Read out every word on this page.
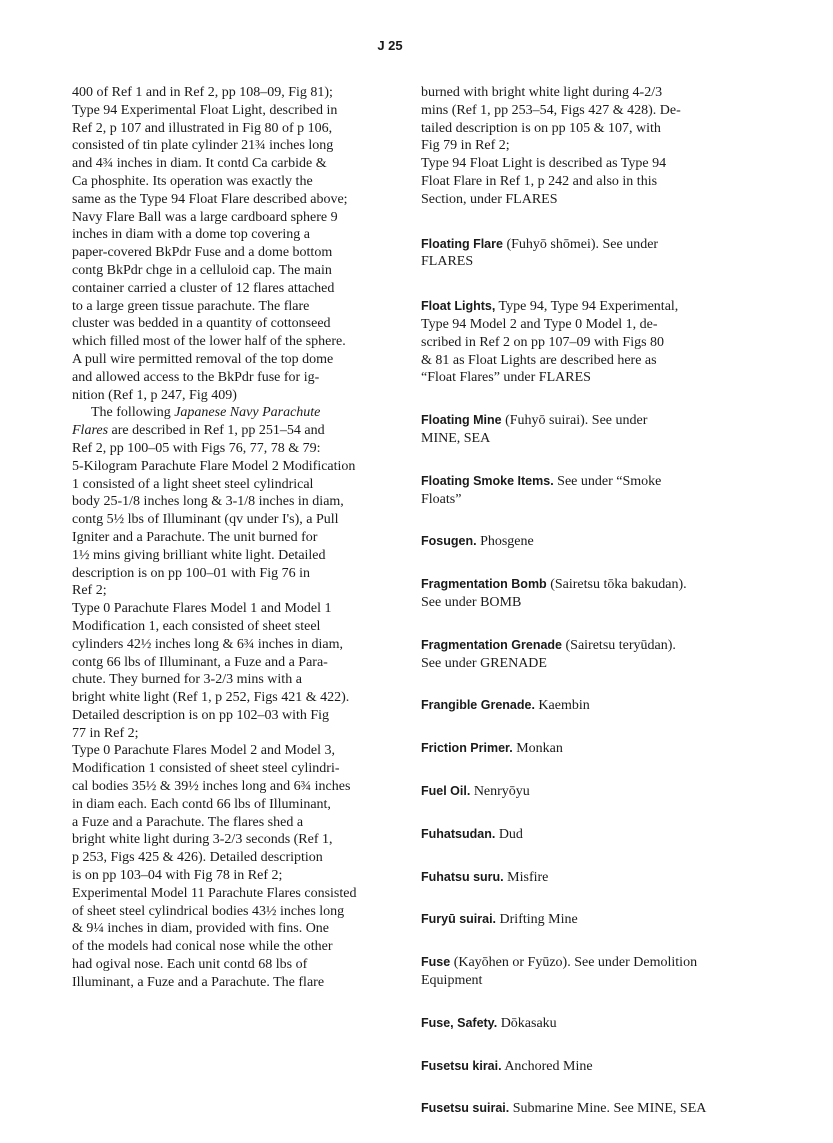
J 25
400 of Ref 1 and in Ref 2, pp 108–09, Fig 81);
Type 94 Experimental Float Light, described in
Ref 2, p 107 and illustrated in Fig 80 of p 106,
consisted of tin plate cylinder 21¾ inches long
and 4¾ inches in diam. It contd Ca carbide &
Ca phosphite. Its operation was exactly the
same as the Type 94 Float Flare described above;
Navy Flare Ball was a large cardboard sphere 9
inches in diam with a dome top covering a
paper-covered BkPdr Fuse and a dome bottom
contg BkPdr chge in a celluloid cap. The main
container carried a cluster of 12 flares attached
to a large green tissue parachute. The flare
cluster was bedded in a quantity of cottonseed
which filled most of the lower half of the sphere.
A pull wire permitted removal of the top dome
and allowed access to the BkPdr fuse for ig-
nition (Ref 1, p 247, Fig 409)
The following Japanese Navy Parachute
Flares are described in Ref 1, pp 251–54 and
Ref 2, pp 100–05 with Figs 76, 77, 78 & 79:
5-Kilogram Parachute Flare Model 2 Modification
1 consisted of a light sheet steel cylindrical
body 25-1/8 inches long & 3-1/8 inches in diam,
contg 5½ lbs of Illuminant (qv under I's), a Pull
Igniter and a Parachute. The unit burned for
1½ mins giving brilliant white light. Detailed
description is on pp 100–01 with Fig 76 in
Ref 2;
Type 0 Parachute Flares Model 1 and Model 1
Modification 1, each consisted of sheet steel
cylinders 42½ inches long & 6¾ inches in diam,
contg 66 lbs of Illuminant, a Fuze and a Para-
chute. They burned for 3-2/3 mins with a
bright white light (Ref 1, p 252, Figs 421 & 422).
Detailed description is on pp 102–03 with Fig
77 in Ref 2;
Type 0 Parachute Flares Model 2 and Model 3,
Modification 1 consisted of sheet steel cylindri-
cal bodies 35½ & 39½ inches long and 6¾ inches
in diam each. Each contd 66 lbs of Illuminant,
a Fuze and a Parachute. The flares shed a
bright white light during 3-2/3 seconds (Ref 1,
p 253, Figs 425 & 426). Detailed description
is on pp 103–04 with Fig 78 in Ref 2;
Experimental Model 11 Parachute Flares consisted
of sheet steel cylindrical bodies 43½ inches long
& 9¼ inches in diam, provided with fins. One
of the models had conical nose while the other
had ogival nose. Each unit contd 68 lbs of
Illuminant, a Fuze and a Parachute. The flare
burned with bright white light during 4-2/3
mins (Ref 1, pp 253–54, Figs 427 & 428). De-
tailed description is on pp 105 & 107, with
Fig 79 in Ref 2;
Type 94 Float Light is described as Type 94
Float Flare in Ref 1, p 242 and also in this
Section, under FLARES
Floating Flare (Fuhyō shōmei). See under
FLARES
Float Lights, Type 94, Type 94 Experimental,
Type 94 Model 2 and Type 0 Model 1, de-
scribed in Ref 2 on pp 107–09 with Figs 80
& 81 as Float Lights are described here as
“Float Flares” under FLARES
Floating Mine (Fuhyō suirai). See under
MINE, SEA
Floating Smoke Items. See under “Smoke
Floats”
Fosugen. Phosgene
Fragmentation Bomb (Sairetsu tōka bakudan).
See under BOMB
Fragmentation Grenade (Sairetsu teryūdan).
See under GRENADE
Frangible Grenade. Kaembin
Friction Primer. Monkan
Fuel Oil. Nenryōyu
Fuhatsudan. Dud
Fuhatsu suru. Misfire
Furyū suirai. Drifting Mine
Fuse (Kayōhen or Fyūzo). See under Demolition
Equipment
Fuse, Safety. Dōkasaku
Fusetsu kirai. Anchored Mine
Fusetsu suirai. Submarine Mine. See MINE, SEA
